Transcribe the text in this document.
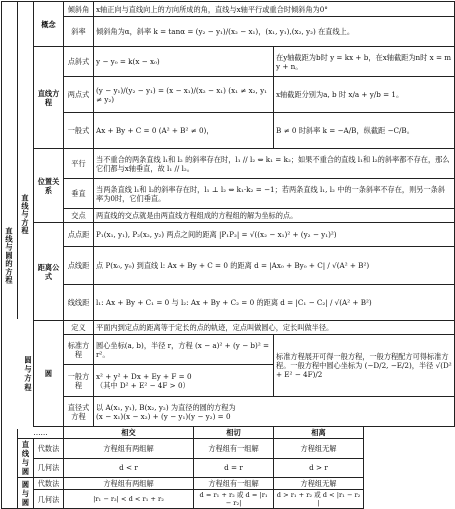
直线与圆的方程	直线与方程	概念	倾斜角	x轴正向与直线向上的方向所成的角，直线与x轴平行或重合时倾斜角为0°		
			斜率	倾斜角为α，斜率 k = tanα = (y₂ − y₁)/(x₂ − x₁)，(x₁, y₁),(x₂, y₂) 在直线上。		
		直线方程	点斜式	y − y₀ = k(x − x₀)		在y轴截距为b时 y = kx + b，在x轴截距为n时 x = my + n。
			两点式	(y − y₁)/(y₂ − y₁) = (x − x₁)/(x₂ − x₁) (x₁ ≠ x₂, y₁ ≠ y₂)		x轴截距分别为a, b 时 x/a + y/b = 1。
			一般式	Ax + By + C = 0 (A² + B² ≠ 0)，		B ≠ 0 时斜率 k = −A/B，纵截距 −C/B。
		位置关系	平行	当不重合的两条直线 l₁和 l₂ 的斜率存在时，l₁ // l₂ ⇔ k₁ = k₂；如果不重合的直线 l₁和 l₂的斜率都不存在，那么它们都与x轴垂直，故 l₁ // l₂。		
			垂直	当两条直线 l₁和 l₂的斜率存在时，l₁ ⊥ l₂ ⇔ k₁·k₂ = −1；若两条直线 l₁, l₂ 中的一条斜率不存在，则另一条斜率为0时，它们垂直。		
			交点	两直线的交点就是由两直线方程组成的方程组的解为坐标的点。		
		距离公式	点点距	P₁(x₁, y₁), P₂(x₂, y₂) 两点之间的距离 |P₁P₂| = √((x₂ − x₁)² + (y₂ − y₁)²)		
			点线距	点 P(x₀, y₀) 到直线 l: Ax + By + C = 0 的距离 d = |Ax₀ + By₀ + C| / √(A² + B²)		
			线线距	l₁: Ax + By + C₁ = 0 与 l₂: Ax + By + C₂ = 0 的距离 d = |C₁ − C₂| / √(A² + B²)		
		圆	定义	平面内到定点的距离等于定长的点的轨迹，定点叫做圆心，定长叫做半径。		
			标准方程	圆心坐标(a, b)，半径 r，方程 (x − a)² + (y − b)² = r²。		标准方程展开可得一般方程，一般方程配方可得标准方程。一般方程中圆心坐标为 (−D/2, −E/2)，半径 √(D² + E² − 4F)/2
			一般方程	x² + y² + Dx + Ey + F = 0
（其中 D² + E² − 4F > 0）		

			直径式方程	以 A(x₁, y₁), B(x₂, y₂) 为直径的圆的方程为
(x − x₁)(x − x₂) + (y − y₁)(y − y₂) = 0		

	……		相交		相切	相离
	直线与圆	代数法	方程组有两组解		方程组有一组解	方程组无解
		几何法	d < r		d = r	d > r
	圆与圆	代数法	方程组有两组解		方程组有一组解	方程组无解
		几何法	|r₁ − r₂| < d < r₁ + r₂		d = r₁ + r₂ 或 d = |r₁ − r₂|	d > r₁ + r₂ 或 d < |r₁ − r₂|
圆与方程
